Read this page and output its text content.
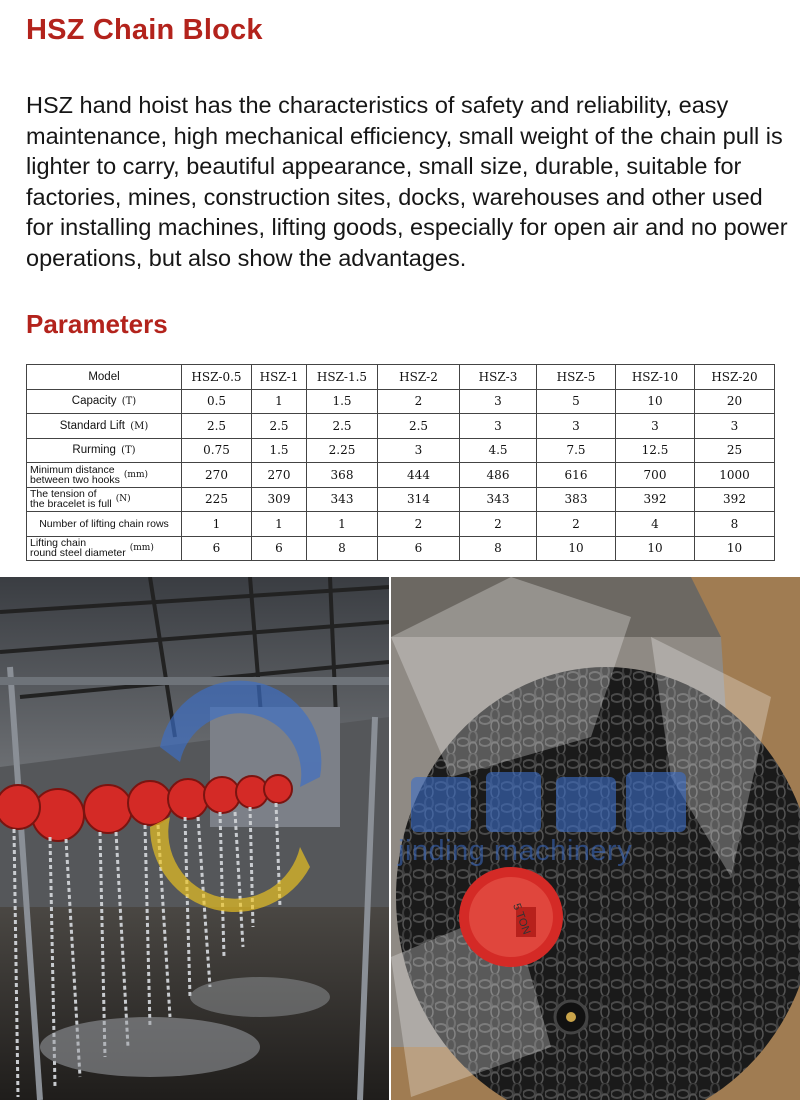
HSZ Chain Block
HSZ hand hoist has the characteristics of safety and reliability, easy maintenance, high mechanical efficiency, small weight of the chain pull is lighter to carry, beautiful appearance, small size, durable, suitable for factories, mines, construction sites, docks, warehouses and other used for installing machines, lifting goods, especially for open air and no power operations, but also show the advantages.
Parameters
Model	HSZ-0.5	HSZ-1	HSZ-1.5	HSZ-2	HSZ-3	HSZ-5	HSZ-10	HSZ-20
Capacity (T)	0.5	1	1.5	2	3	5	10	20
Standard Lift (M)	2.5	2.5	2.5	2.5	3	3	3	3
Rurming (T)	0.75	1.5	2.25	3	4.5	7.5	12.5	25

Minimum distance
between two hooks (mm)	270	270	368	444	486	616	700	1000

The tension of
the bracelet is full (N)	225	309	343	314	343	383	392	392
Number of lifting chain rows	1	1	1	2	2	2	4	8

Lifting chain
round steel diameter (mm)	6	6	8	6	8	10	10	10
5 TON
jinding machinery
